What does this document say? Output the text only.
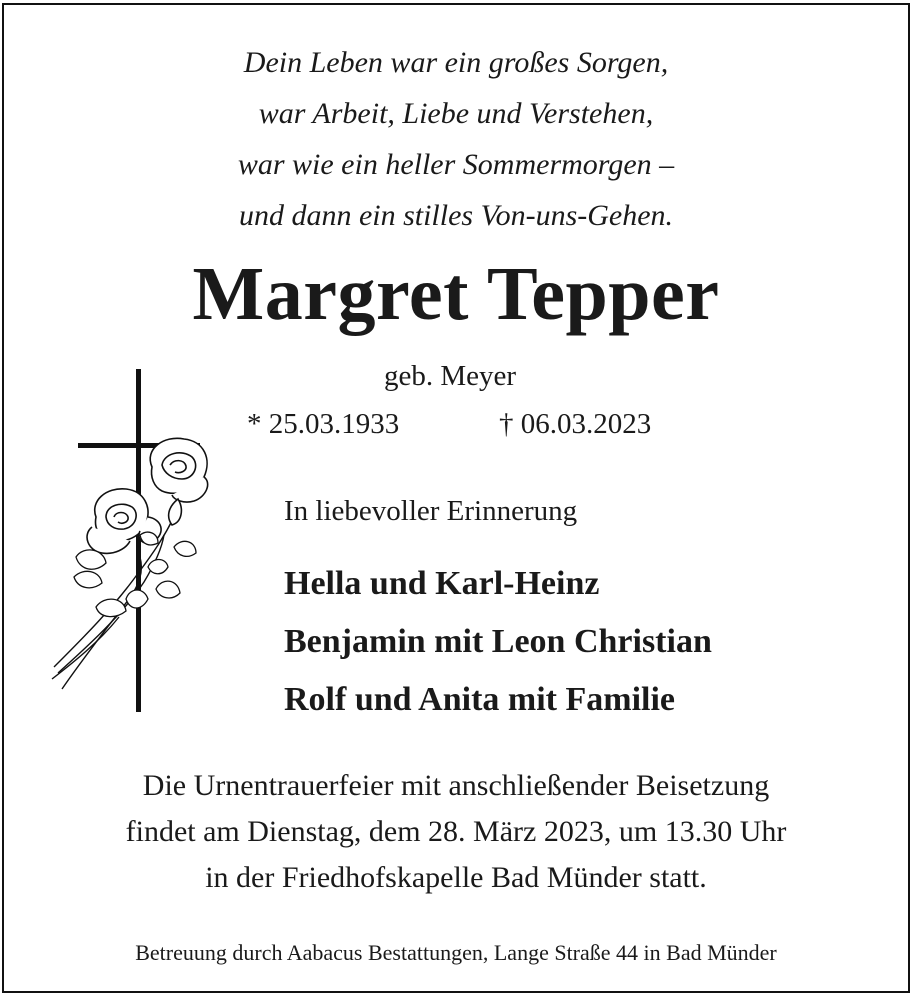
Dein Leben war ein großes Sorgen,
war Arbeit, Liebe und Verstehen,
war wie ein heller Sommermorgen –
und dann ein stilles Von-uns-Gehen.
Margret Tepper
geb. Meyer
* 25.03.1933	† 06.03.2023
In liebevoller Erinnerung
Hella und Karl-Heinz
Benjamin mit Leon Christian
Rolf und Anita mit Familie
Die Urnentrauerfeier mit anschließender Beisetzung
findet am Dienstag, dem 28. März 2023, um 13.30 Uhr
in der Friedhofskapelle Bad Münder statt.
Betreuung durch Aabacus Bestattungen, Lange Straße 44 in Bad Münder
